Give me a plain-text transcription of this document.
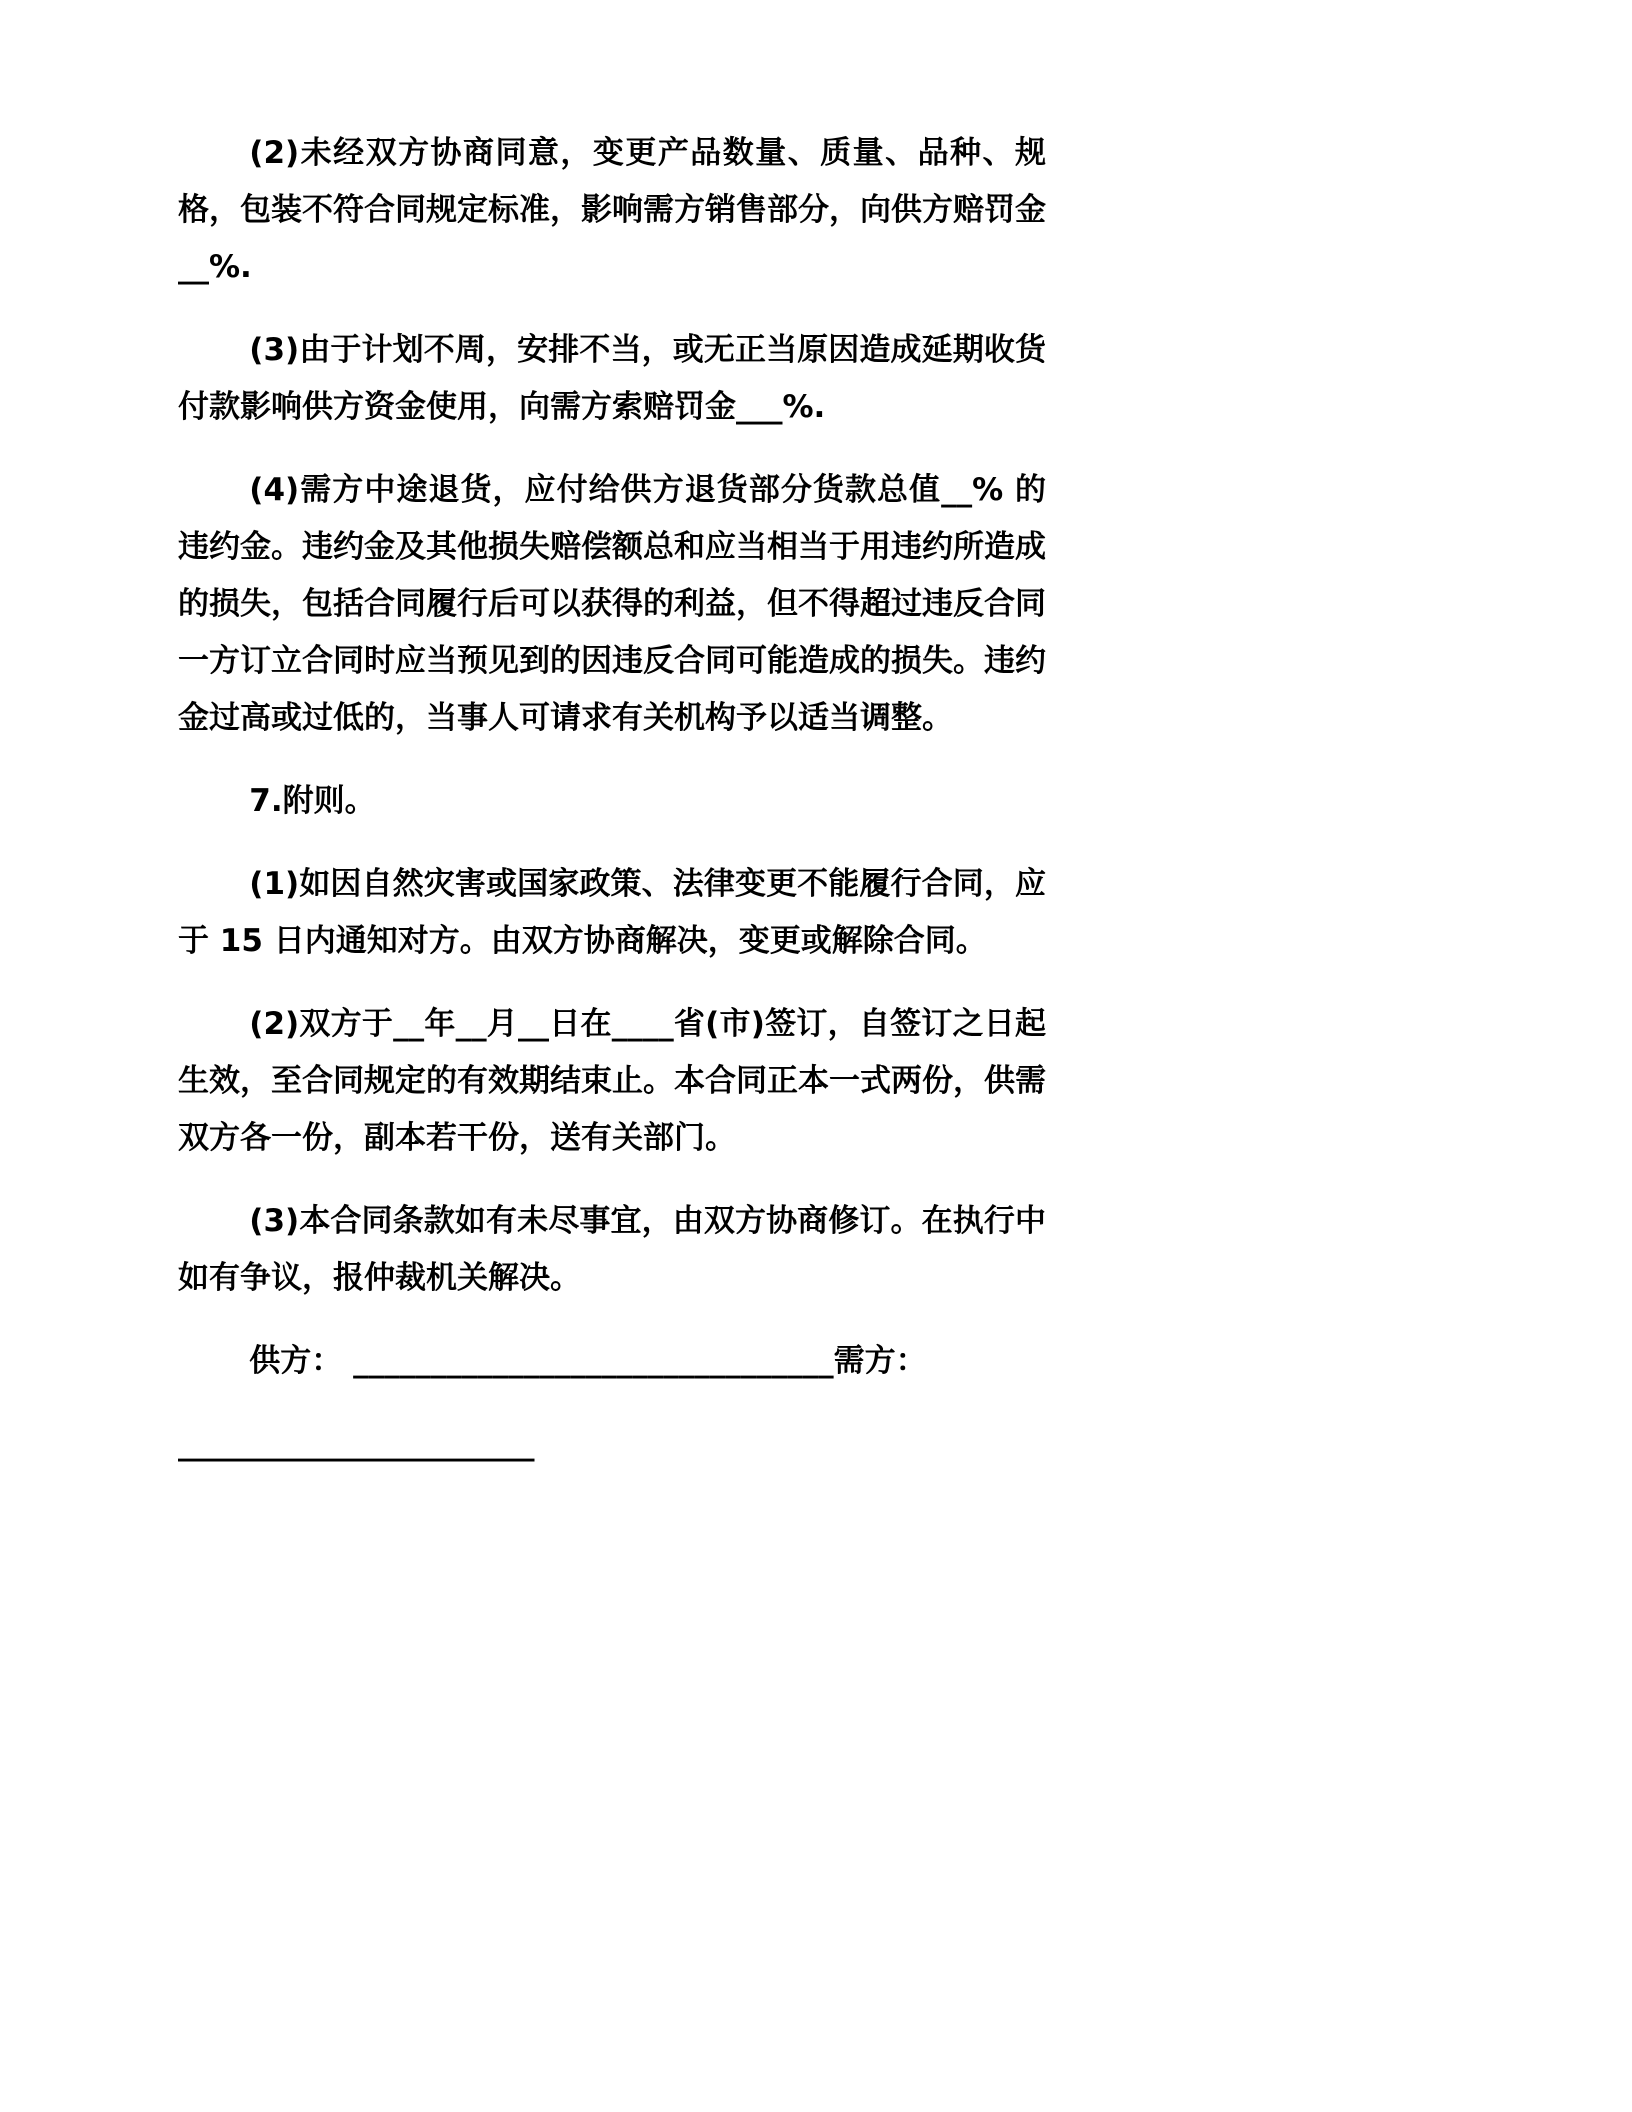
(2)未经双方协商同意，变更产品数量、质量、品种、规格，包装不符合同规定标准，影响需方销售部分，向供方赔罚金__%.

(3)由于计划不周，安排不当，或无正当原因造成延期收货付款影响供方资金使用，向需方索赔罚金___%.

(4)需方中途退货，应付给供方退货部分货款总值__% 的违约金。违约金及其他损失赔偿额总和应当相当于用违约所造成的损失，包括合同履行后可以获得的利益，但不得超过违反合同一方订立合同时应当预见到的因违反合同可能造成的损失。违约金过高或过低的，当事人可请求有关机构予以适当调整。

7.附则。

(1)如因自然灾害或国家政策、法律变更不能履行合同，应于 15 日内通知对方。由双方协商解决，变更或解除合同。

(2)双方于__年__月__日在____省(市)签订，自签订之日起生效，至合同规定的有效期结束止。本合同正本一式两份，供需双方各一份，副本若干份，送有关部门。

(3)本合同条款如有未尽事宜，由双方协商修订。在执行中如有争议，报仲裁机关解决。

供方： _______________________________需方：

_______________________
